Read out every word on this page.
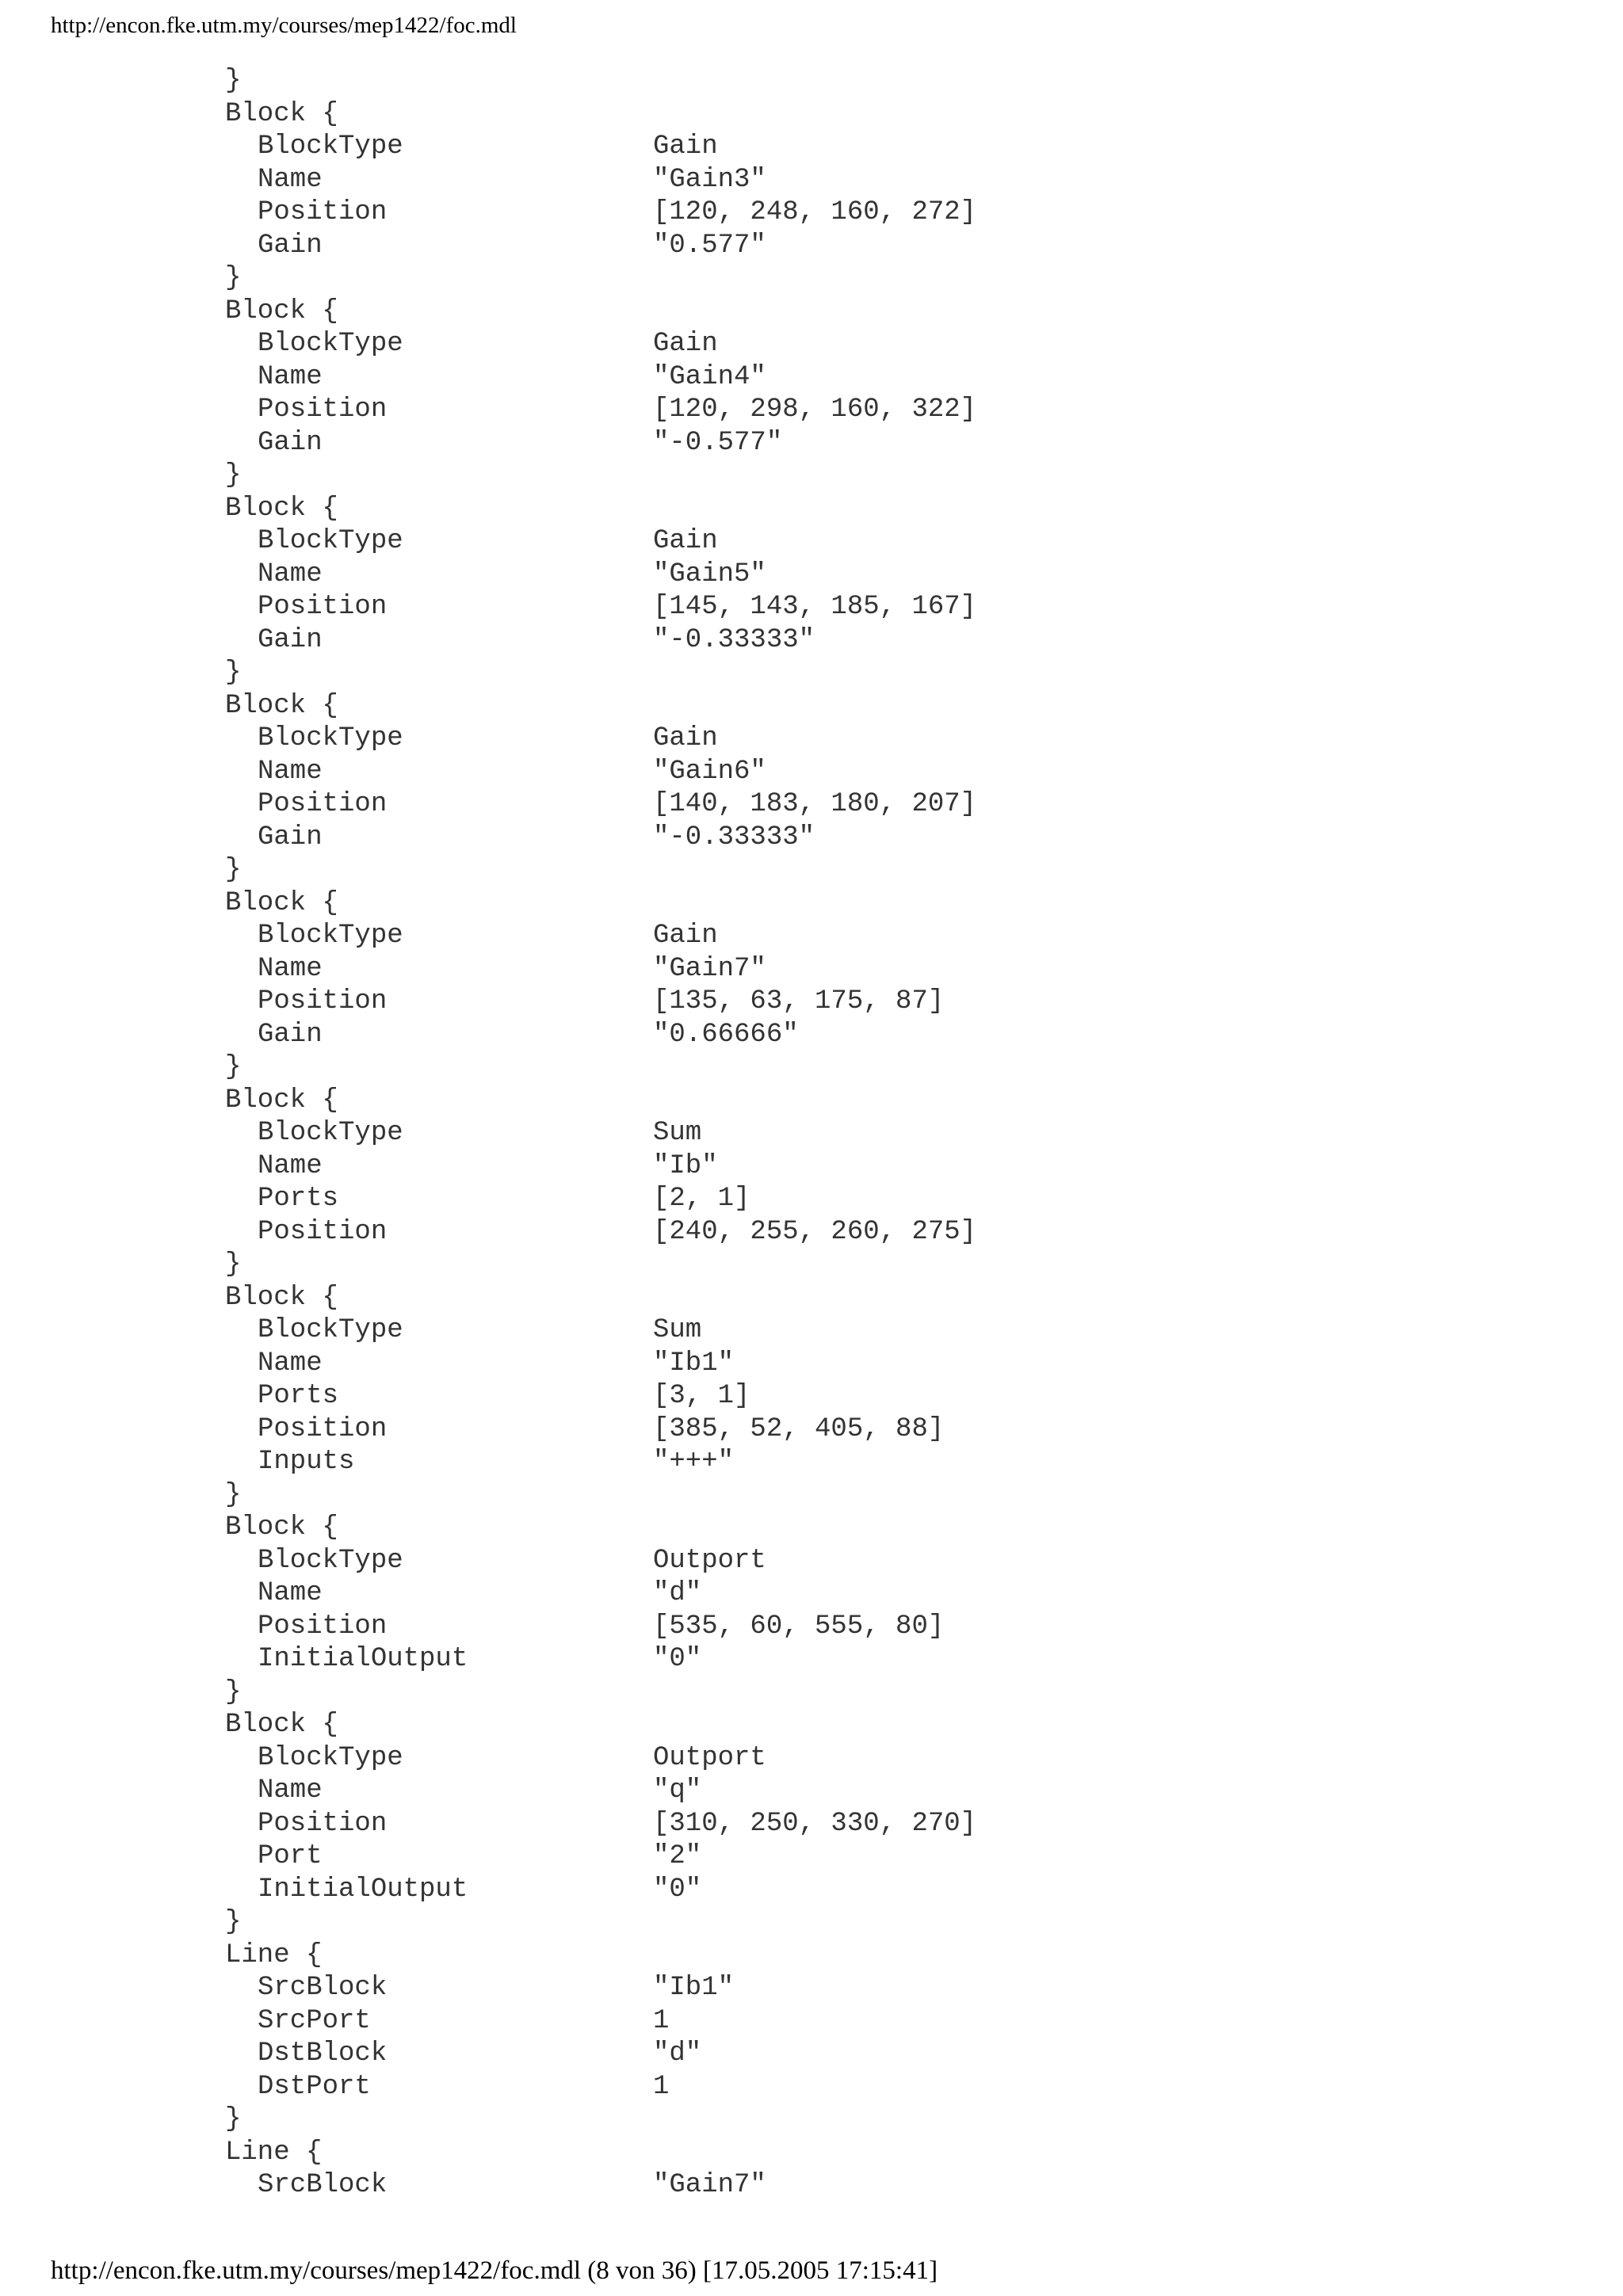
http://encon.fke.utm.my/courses/mep1422/foc.mdl
}
Block {
BlockType	Gain
Name	"Gain3"
Position	[120, 248, 160, 272]
Gain	"0.577"
}
Block {
BlockType	Gain
Name	"Gain4"
Position	[120, 298, 160, 322]
Gain	"-0.577"
}
Block {
BlockType	Gain
Name	"Gain5"
Position	[145, 143, 185, 167]
Gain	"-0.33333"
}
Block {
BlockType	Gain
Name	"Gain6"
Position	[140, 183, 180, 207]
Gain	"-0.33333"
}
Block {
BlockType	Gain
Name	"Gain7"
Position	[135, 63, 175, 87]
Gain	"0.66666"
}
Block {
BlockType	Sum
Name	"Ib"
Ports	[2, 1]
Position	[240, 255, 260, 275]
}
Block {
BlockType	Sum
Name	"Ib1"
Ports	[3, 1]
Position	[385, 52, 405, 88]
Inputs	"+++"
}
Block {
BlockType	Outport
Name	"d"
Position	[535, 60, 555, 80]
InitialOutput	"0"
}
Block {
BlockType	Outport
Name	"q"
Position	[310, 250, 330, 270]
Port	"2"
InitialOutput	"0"
}
Line {
SrcBlock	"Ib1"
SrcPort	1
DstBlock	"d"
DstPort	1
}
Line {
SrcBlock	"Gain7"
http://encon.fke.utm.my/courses/mep1422/foc.mdl (8 von 36) [17.05.2005 17:15:41]
